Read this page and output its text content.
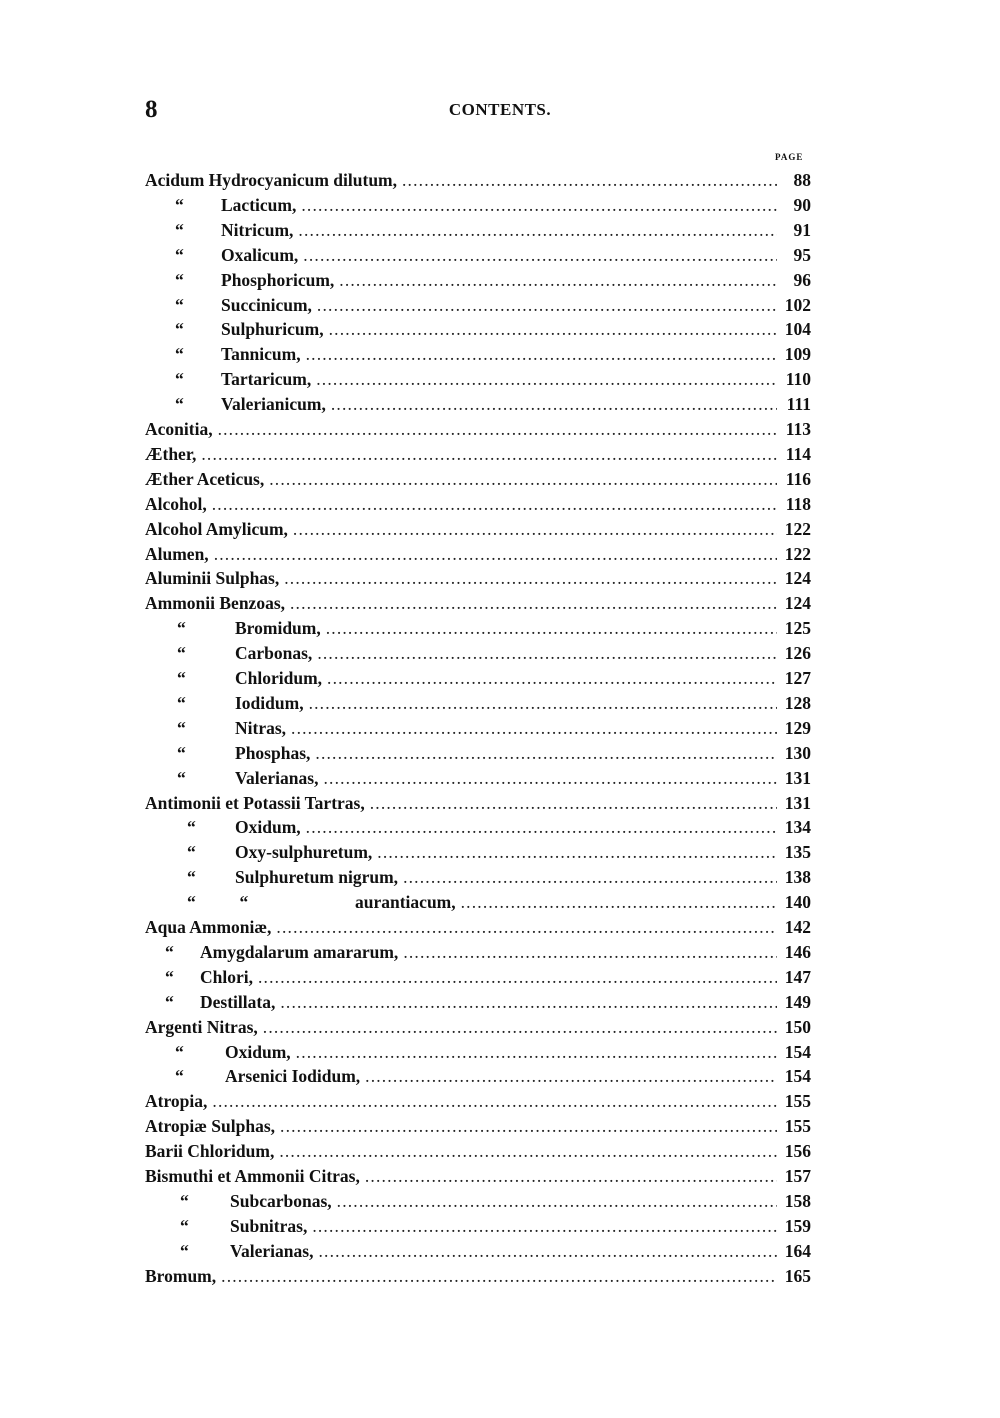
8	CONTENTS.
PAGE
Acidum Hydrocyanicum dilutum, . . .	88
“	Lacticum, . . .	90
“	Nitricum, . . .	91
“	Oxalicum, . . .	95
“	Phosphoricum, . . .	96
“	Succinicum, . . .	102
“	Sulphuricum, . . .	104
“	Tannicum, . . .	109
“	Tartaricum, . . .	110
“	Valerianicum, . . .	111
Aconitia, . . .	113
Æther, . . .	114
Æther Aceticus, . . .	116
Alcohol, . . .	118
Alcohol Amylicum, . . .	122
Alumen, . . .	122
Aluminii Sulphas, . . .	124
Ammonii Benzoas, . . .	124
“	Bromidum, . . .	125
“	Carbonas, . . .	126
“	Chloridum, . . .	127
“	Iodidum, . . .	128
“	Nitras, . . .	129
“	Phosphas, . . .	130
“	Valerianas, . . .	131
Antimonii et Potassii Tartras, . . .	131
“	Oxidum, . . .	134
“	Oxy-sulphuretum, . . .	135
“	Sulphuretum nigrum, . . .	138
“          “	aurantiacum, . . .	140
Aqua Ammoniæ, . . .	142
“	Amygdalarum amararum, . . .	146
“	Chlori, . . .	147
“	Destillata, . . .	149
Argenti Nitras, . . .	150
“	Oxidum, . . .	154
“	Arsenici Iodidum, . . .	154
Atropia, . . .	155
Atropiæ Sulphas, . . .	155
Barii Chloridum, . . .	156
Bismuthi et Ammonii Citras, . . .	157
“	Subcarbonas, . . .	158
“	Subnitras, . . .	159
“	Valerianas, . . .	164
Bromum, . . .	165
